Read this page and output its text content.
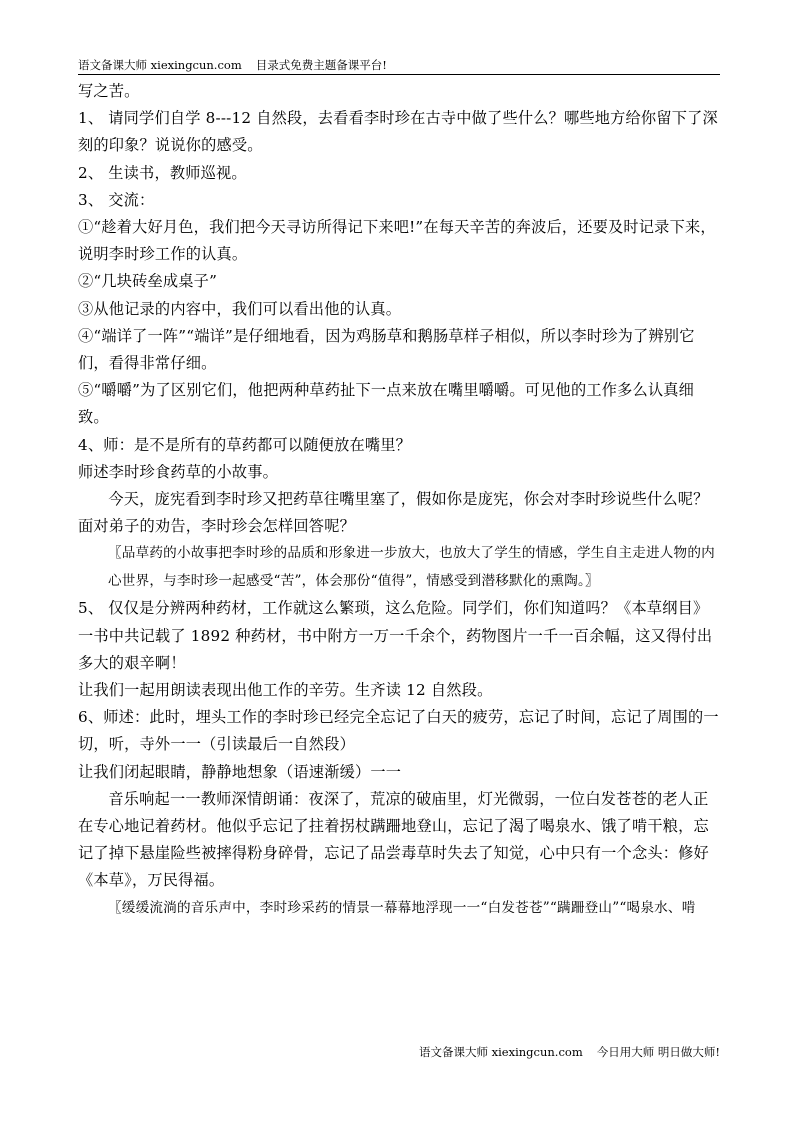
语文备课大师 xiexingcun.com 目录式免费主题备课平台!

写之苦。

1、 请同学们自学 8---12 自然段，去看看李时珍在古寺中做了些什么？哪些地方给你留下了深刻的印象？说说你的感受。

2、 生读书，教师巡视。

3、 交流：

①“趁着大好月色，我们把今天寻访所得记下来吧!”在每天辛苦的奔波后，还要及时记录下来，说明李时珍工作的认真。

②“几块砖垒成桌子”

③从他记录的内容中，我们可以看出他的认真。

④“端详了一阵”“端详”是仔细地看，因为鸡肠草和鹅肠草样子相似，所以李时珍为了辨别它们，看得非常仔细。

⑤“嚼嚼”为了区别它们，他把两种草药扯下一点来放在嘴里嚼嚼。可见他的工作多么认真细致。

4、师：是不是所有的草药都可以随便放在嘴里？

师述李时珍食药草的小故事。

今天，庞宪看到李时珍又把药草往嘴里塞了，假如你是庞宪，你会对李时珍说些什么呢？面对弟子的劝告，李时珍会怎样回答呢？

〖品草药的小故事把李时珍的品质和形象进一步放大，也放大了学生的情感，学生自主走进人物的内心世界，与李时珍一起感受“苦”，体会那份“值得”，情感受到潜移默化的熏陶。〗

5、 仅仅是分辨两种药材，工作就这么繁琐，这么危险。同学们，你们知道吗？《本草纲目》一书中共记载了 1892 种药材，书中附方一万一千余个，药物图片一千一百余幅，这又得付出多大的艰辛啊！

让我们一起用朗读表现出他工作的辛劳。生齐读 12 自然段。

6、师述：此时，埋头工作的李时珍已经完全忘记了白天的疲劳，忘记了时间，忘记了周围的一切，听，寺外一一（引读最后一自然段）

让我们闭起眼睛，静静地想象（语速渐缓）一一

音乐响起一一教师深情朗诵：夜深了，荒凉的破庙里，灯光微弱，一位白发苍苍的老人正在专心地记着药材。他似乎忘记了拄着拐杖蹒跚地登山，忘记了渴了喝泉水、饿了啃干粮，忘记了掉下悬崖险些被摔得粉身碎骨，忘记了品尝毒草时失去了知觉，心中只有一个念头：修好《本草》，万民得福。

〖缓缓流淌的音乐声中，李时珍采药的情景一幕幕地浮现一一“白发苍苍”“蹒跚登山”“喝泉水、啃

语文备课大师 xiexingcun.com 今日用大师 明日做大师!
